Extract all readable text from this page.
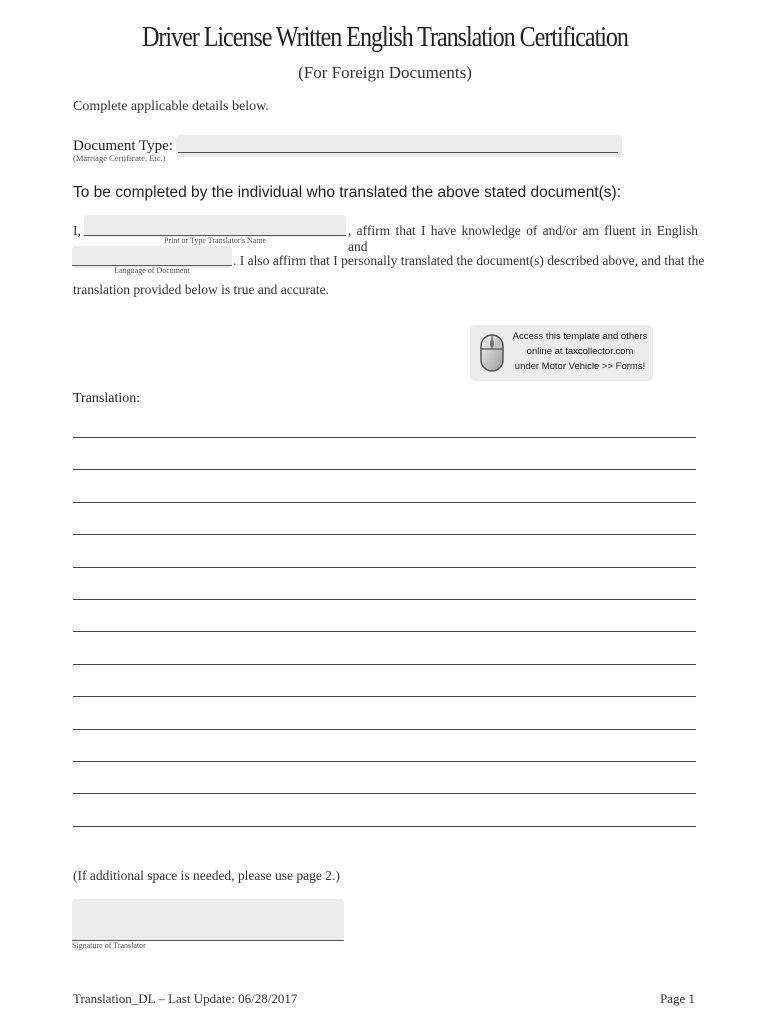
Driver License Written English Translation Certification
(For Foreign Documents)
Complete applicable details below.
Document Type:
(Marriage Certificate, Etc.)
To be completed by the individual who translated the above stated document(s):
I,
Print or Type Translator's Name
, affirm that I have knowledge of and/or am fluent in English and
Language of Document
. I also affirm that I personally translated the document(s) described above, and that the
translation provided below is true and accurate.
Access this template and others
online at taxcollector.com
under Motor Vehicle >> Forms!
Translation:
(If additional space is needed, please use page 2.)
Signature of Translator
Translation_DL – Last Update: 06/28/2017	Page 1
